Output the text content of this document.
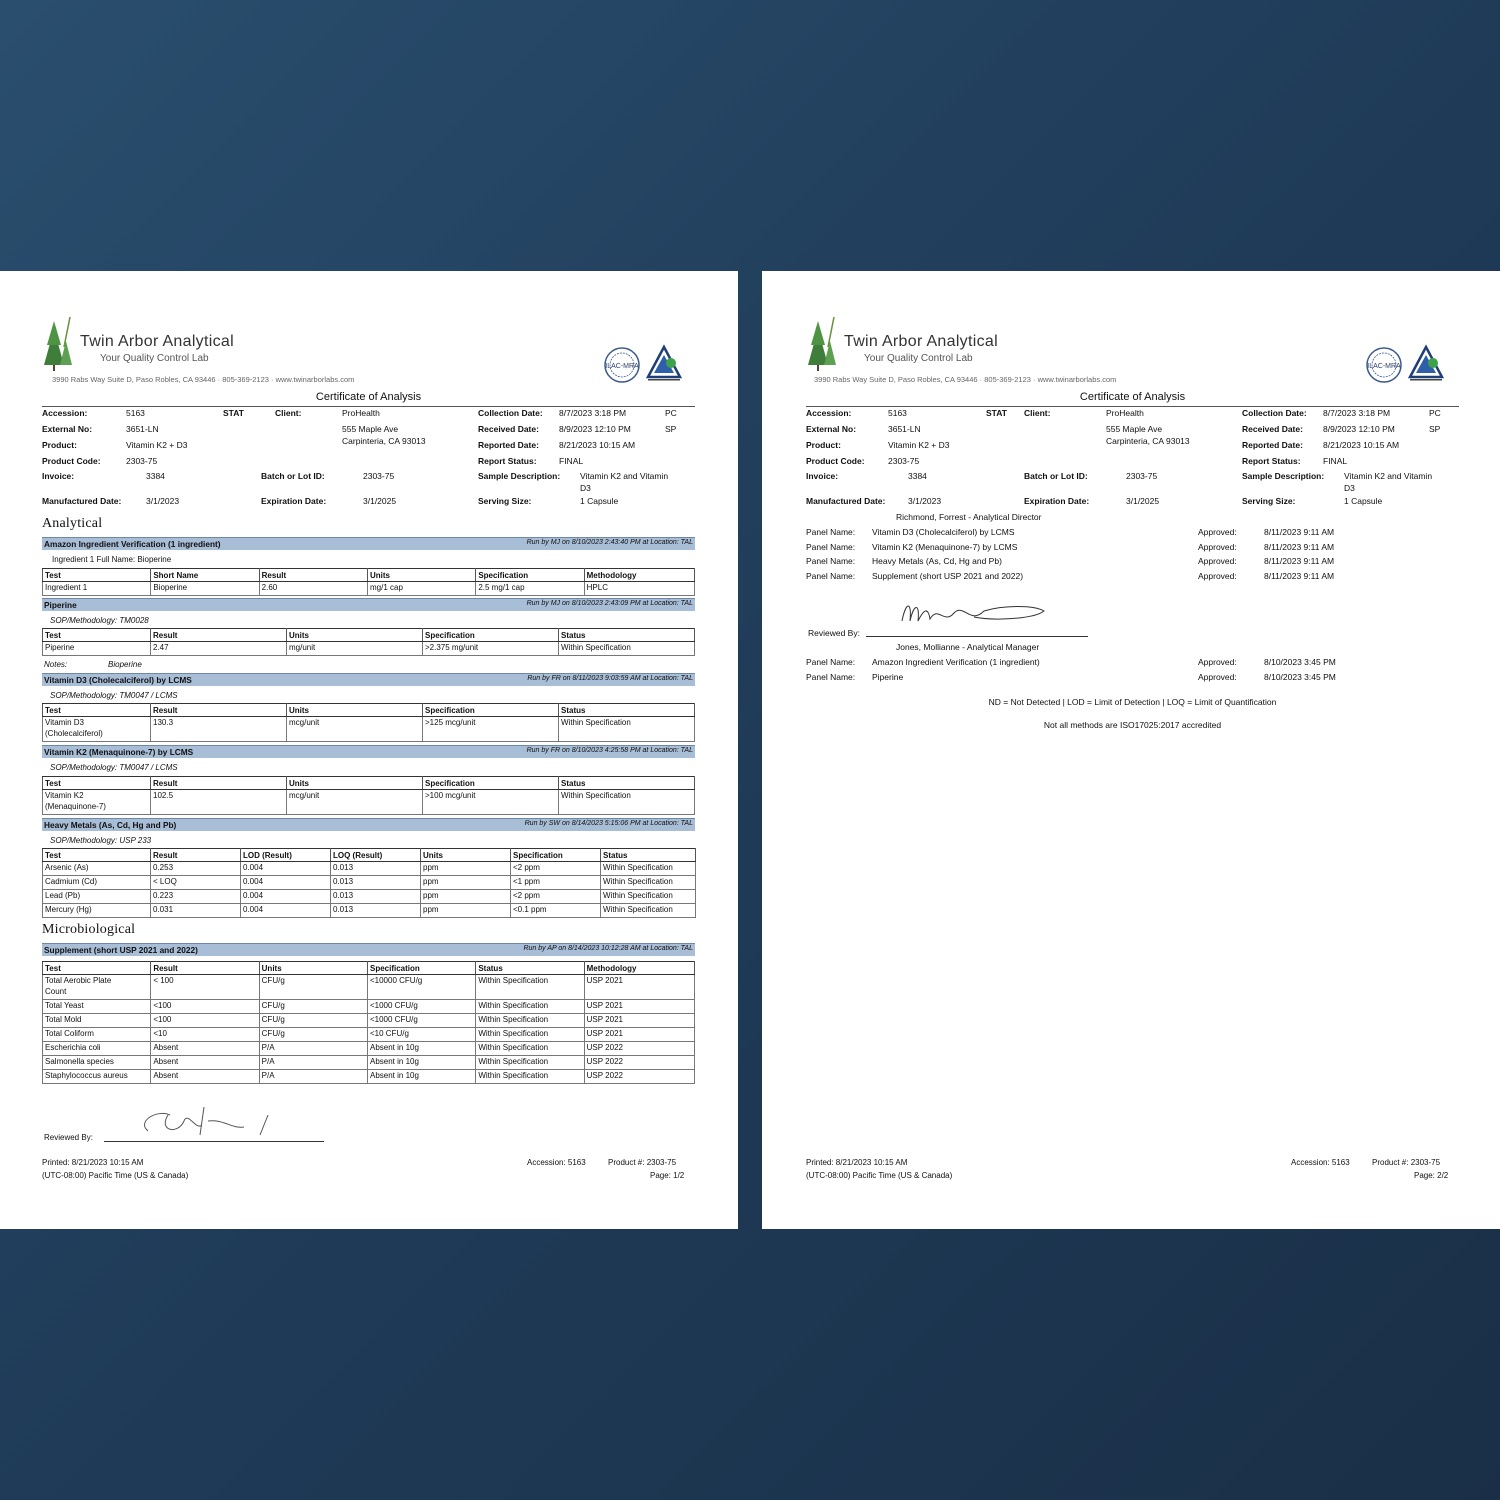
Twin Arbor Analytical
Your Quality Control Lab
3990 Rabs Way Suite D, Paso Robles, CA 93446 · 805-369-2123 · www.twinarborlabs.com
ILAC-MRA
Certificate of Analysis
Accession:	5163	STAT
External No:	3651-LN
Product:	Vitamin K2 + D3
Product Code:	2303-75
Invoice:	3384
Manufactured Date:	3/1/2023
Client:	ProHealth
555 Maple Ave
Carpinteria, CA 93013
Batch or Lot ID:	2303-75
Expiration Date:	3/1/2025
Collection Date: 8/7/2023 3:18 PM	PC
Received Date: 8/9/2023 12:10 PM	SP
Reported Date: 8/21/2023 10:15 AM
Report Status:	FINAL
Sample Description: Vitamin K2 and Vitamin
D3
Serving Size:	1 Capsule
Analytical
Amazon Ingredient Verification (1 ingredient)	Run by MJ on 8/10/2023 2:43:40 PM at Location: TAL
Ingredient 1 Full Name: Bioperine
Test	Short Name	Result	Units	Specification	Methodology
Ingredient 1	Bioperine	2.60	mg/1 cap	2.5 mg/1 cap	HPLC
Piperine	Run by MJ on 8/10/2023 2:43:09 PM at Location: TAL
SOP/Methodology: TM0028
Test	Result	Units	Specification	Status
Piperine	2.47	mg/unit	>2.375 mg/unit	Within Specification
Notes:	Bioperine
Vitamin D3 (Cholecalciferol) by LCMS	Run by FR on 8/11/2023 9:03:59 AM at Location: TAL
SOP/Methodology: TM0047 / LCMS
Test	Result	Units	Specification	Status

Vitamin D3
(Cholecalciferol)	130.3	mcg/unit	>125 mcg/unit	Within Specification
Vitamin K2 (Menaquinone-7) by LCMS	Run by FR on 8/10/2023 4:25:58 PM at Location: TAL
SOP/Methodology: TM0047 / LCMS
Test	Result	Units	Specification	Status

Vitamin K2
(Menaquinone-7)	102.5	mcg/unit	>100 mcg/unit	Within Specification
Heavy Metals (As, Cd, Hg and Pb)	Run by SW on 8/14/2023 5:15:06 PM at Location: TAL
SOP/Methodology: USP 233
Test	Result	LOD (Result)	LOQ (Result)	Units	Specification	Status
Arsenic (As)	0.253	0.004	0.013	ppm	<2 ppm	Within Specification
Cadmium (Cd)	< LOQ	0.004	0.013	ppm	<1 ppm	Within Specification
Lead (Pb)	0.223	0.004	0.013	ppm	<2 ppm	Within Specification
Mercury (Hg)	0.031	0.004	0.013	ppm	<0.1 ppm	Within Specification
Microbiological
Supplement (short USP 2021 and 2022)	Run by AP on 8/14/2023 10:12:28 AM at Location: TAL
Test	Result	Units	Specification	Status	Methodology

Total Aerobic Plate
Count	< 100	CFU/g	<10000 CFU/g	Within Specification	USP 2021
Total Yeast	<100	CFU/g	<1000 CFU/g	Within Specification	USP 2021
Total Mold	<100	CFU/g	<1000 CFU/g	Within Specification	USP 2021
Total Coliform	<10	CFU/g	<10 CFU/g	Within Specification	USP 2021
Escherichia coli	Absent	P/A	Absent in 10g	Within Specification	USP 2022
Salmonella species	Absent	P/A	Absent in 10g	Within Specification	USP 2022
Staphylococcus aureus	Absent	P/A	Absent in 10g	Within Specification	USP 2022
Reviewed By:
Printed: 8/21/2023 10:15 AM
(UTC-08:00) Pacific Time (US & Canada)
Accession: 5163	Product #: 2303-75
Page: 1/2
Twin Arbor Analytical
Your Quality Control Lab
3990 Rabs Way Suite D, Paso Robles, CA 93446 · 805-369-2123 · www.twinarborlabs.com
ILAC-MRA
Certificate of Analysis
Accession:	5163	STAT
External No:	3651-LN
Product:	Vitamin K2 + D3
Product Code:	2303-75
Invoice:	3384
Manufactured Date:	3/1/2023
Client:	ProHealth
555 Maple Ave
Carpinteria, CA 93013
Batch or Lot ID:	2303-75
Expiration Date:	3/1/2025
Collection Date: 8/7/2023 3:18 PM	PC
Received Date: 8/9/2023 12:10 PM	SP
Reported Date: 8/21/2023 10:15 AM
Report Status:	FINAL
Sample Description: Vitamin K2 and Vitamin
D3
Serving Size:	1 Capsule
Richmond, Forrest - Analytical Director
Panel Name: Vitamin D3 (Cholecalciferol) by LCMS	Approved:	8/11/2023 9:11 AM
Panel Name: Vitamin K2 (Menaquinone-7) by LCMS	Approved:	8/11/2023 9:11 AM
Panel Name: Heavy Metals (As, Cd, Hg and Pb)	Approved:	8/11/2023 9:11 AM
Panel Name: Supplement (short USP 2021 and 2022)	Approved:	8/11/2023 9:11 AM
Reviewed By:
Jones, Mollianne - Analytical Manager
Panel Name: Amazon Ingredient Verification (1 ingredient)	Approved:	8/10/2023 3:45 PM
Panel Name: Piperine	Approved:	8/10/2023 3:45 PM
ND = Not Detected | LOD = Limit of Detection | LOQ = Limit of Quantification
Not all methods are ISO17025:2017 accredited
Printed: 8/21/2023 10:15 AM
(UTC-08:00) Pacific Time (US & Canada)
Accession: 5163	Product #: 2303-75
Page: 2/2
